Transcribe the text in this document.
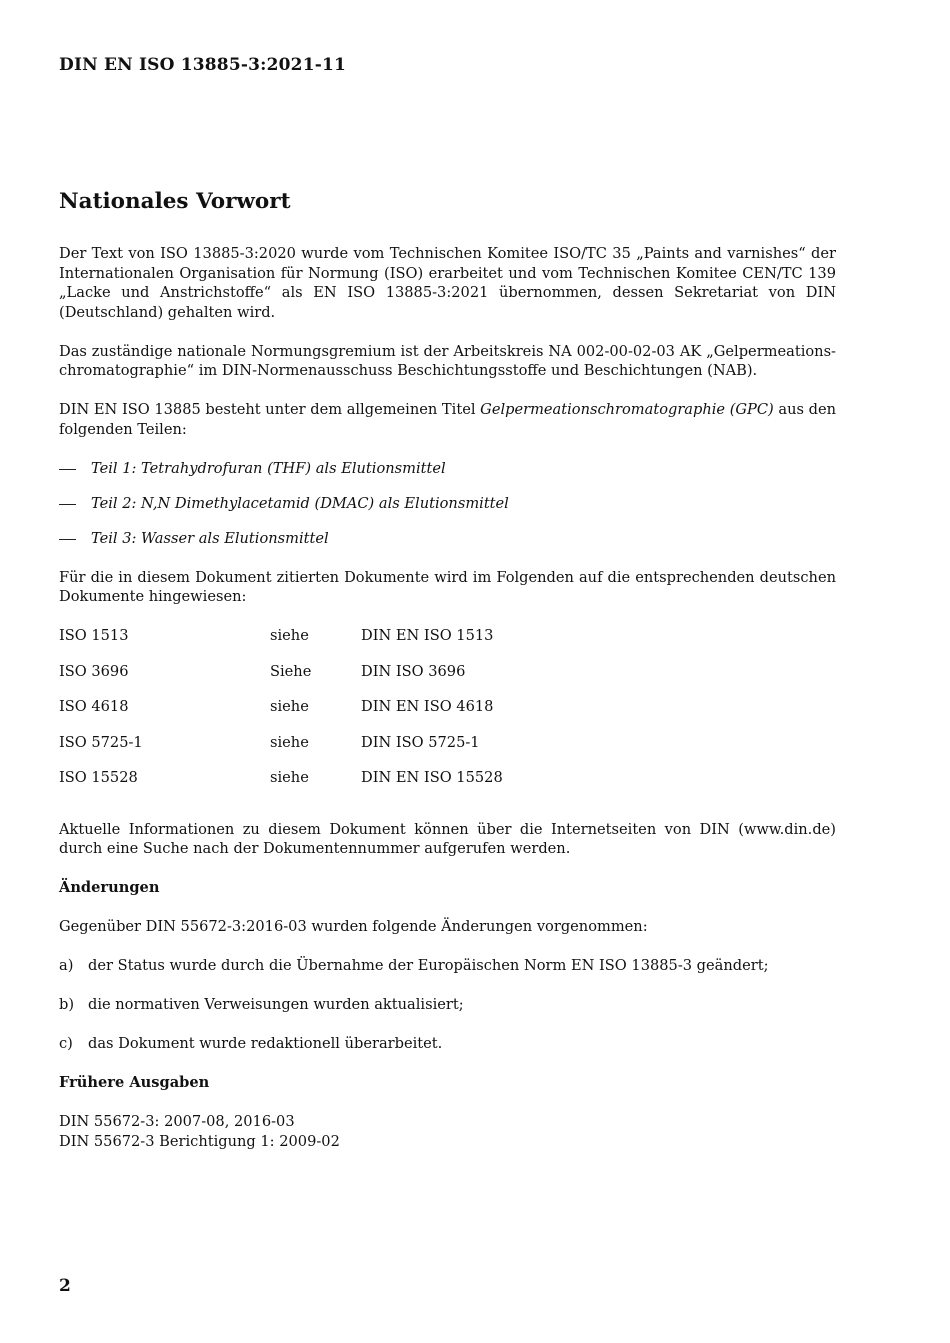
DIN EN ISO 13885-3:2021-11
Nationales Vorwort

Der Text von ISO 13885-3:2020 wurde vom Technischen Komitee ISO/TC 35 „Paints and varnishes“ der Internationalen Organisation für Normung (ISO) erarbeitet und vom Technischen Komitee CEN/TC 139 „Lacke und Anstrichstoffe“ als EN ISO 13885-3:2021 übernommen, dessen Sekretariat von DIN (Deutschland) gehalten wird.

Das zuständige nationale Normungsgremium ist der Arbeitskreis NA 002-00-02-03 AK „Gelpermeations-chromatographie“ im DIN-Normenausschuss Beschichtungsstoffe und Beschichtungen (NAB).

DIN EN ISO 13885 besteht unter dem allgemeinen Titel Gelpermeationschromatographie (GPC) aus den folgenden Teilen:

Teil 1: Tetrahydrofuran (THF) als Elutionsmittel
Teil 2: N,N Dimethylacetamid (DMAC) als Elutionsmittel
Teil 3: Wasser als Elutionsmittel

Für die in diesem Dokument zitierten Dokumente wird im Folgenden auf die entsprechenden deutschen Dokumente hingewiesen:

ISO 1513	siehe	DIN EN ISO 1513
ISO 3696	Siehe	DIN ISO 3696
ISO 4618	siehe	DIN EN ISO 4618
ISO 5725-1	siehe	DIN ISO 5725-1
ISO 15528	siehe	DIN EN ISO 15528

Aktuelle Informationen zu diesem Dokument können über die Internetseiten von DIN (www.din.de) durch eine Suche nach der Dokumentennummer aufgerufen werden.

Änderungen

Gegenüber DIN 55672-3:2016-03 wurden folgende Änderungen vorgenommen:

a) der Status wurde durch die Übernahme der Europäischen Norm EN ISO 13885-3 geändert;
b) die normativen Verweisungen wurden aktualisiert;
c) das Dokument wurde redaktionell überarbeitet.
Frühere Ausgaben
DIN 55672-3: 2007-08, 2016-03
DIN 55672-3 Berichtigung 1: 2009-02
2
